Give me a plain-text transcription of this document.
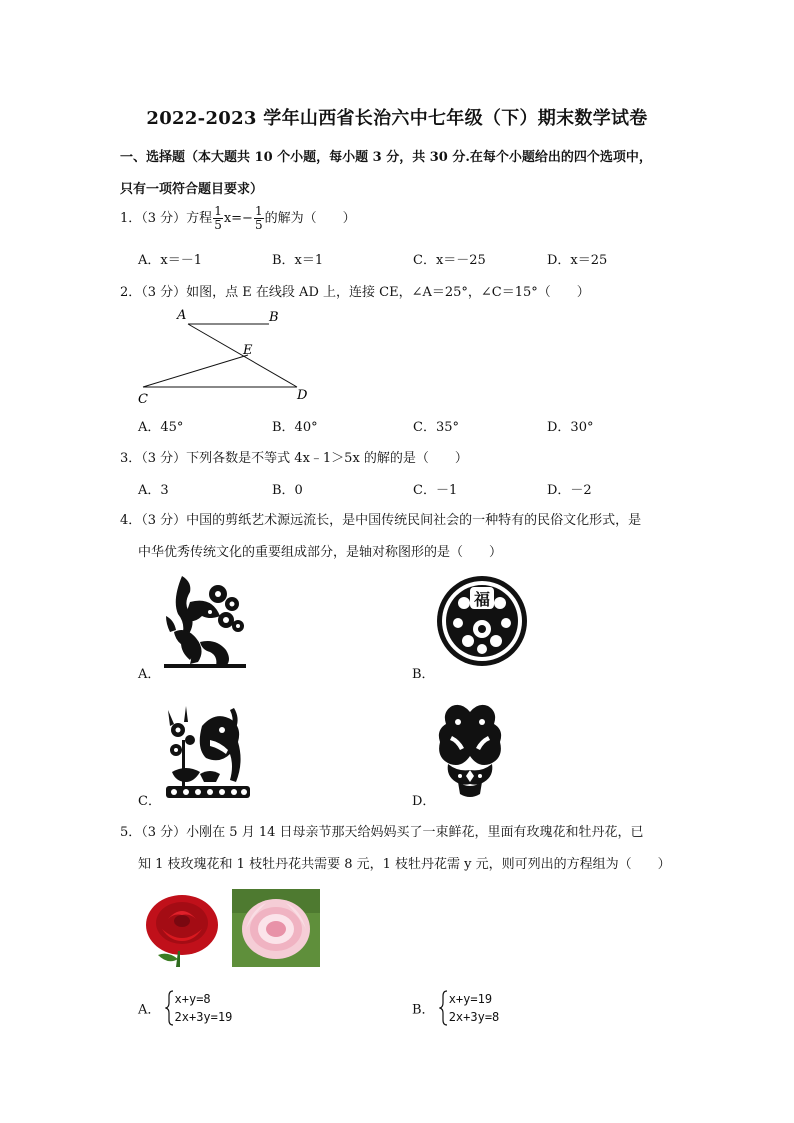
2022-2023 学年山西省长治六中七年级（下）期末数学试卷
一、选择题（本大题共 10 个小题，每小题 3 分，共 30 分.在每个小题给出的四个选项中，
只有一项符合题目要求）
1．（3 分）方程 $\frac{1}{5} x=- \frac{1}{5}$ 的解为（　　）
A．x＝－1	B．x＝1	C．x＝－25	D．x＝25
2．（3 分）如图，点 E 在线段 AD 上，连接 CE，∠A＝25°，∠C＝15°（　　）
A	B
E
C	D
A．45°	B．40°	C．35°	D．30°
3．（3 分）下列各数是不等式 4x﹣1＞5x 的解的是（　　）
A．3	B．0	C．－1	D．－2
4．（3 分）中国的剪纸艺术源远流长，是中国传统民间社会的一种特有的民俗文化形式，是
中华优秀传统文化的重要组成部分，是轴对称图形的是（　　）
A．
福
B．
C．	D．
5．（3 分）小刚在 5 月 14 日母亲节那天给妈妈买了一束鲜花，里面有玫瑰花和牡丹花，已
知 1 枝玫瑰花和 1 枝牡丹花共需要 8 元，1 枝牡丹花需 y 元，则可列出的方程组为（　　）
A．
x+y=8
2x+3y=19	B．
x+y=19
2x+3y=8
